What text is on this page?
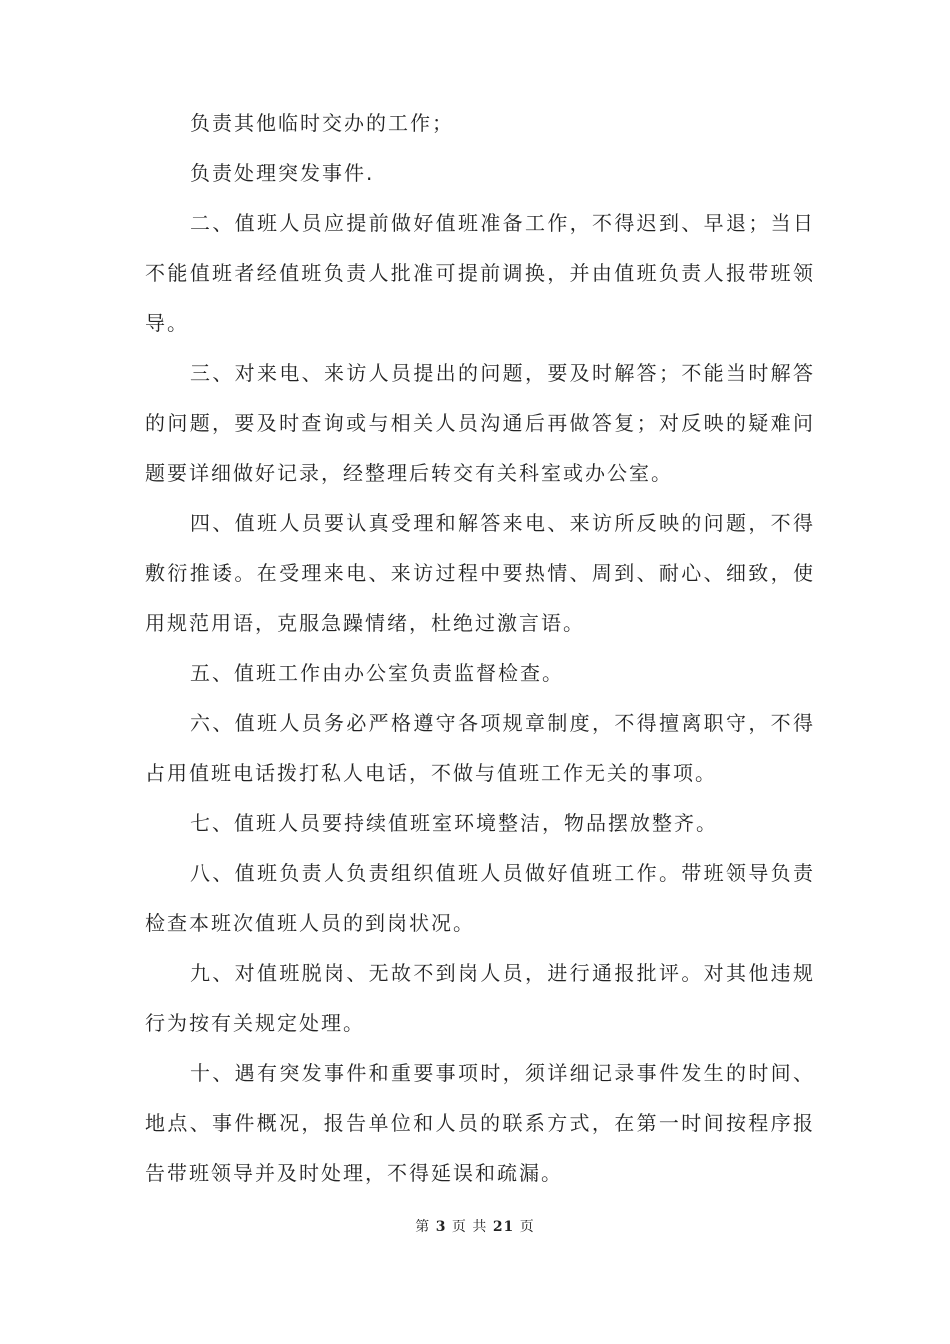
负责其他临时交办的工作；

负责处理突发事件.

二、值班人员应提前做好值班准备工作，不得迟到、早退；当日不能值班者经值班负责人批准可提前调换，并由值班负责人报带班领导。

三、对来电、来访人员提出的问题，要及时解答；不能当时解答的问题，要及时查询或与相关人员沟通后再做答复；对反映的疑难问题要详细做好记录，经整理后转交有关科室或办公室。

四、值班人员要认真受理和解答来电、来访所反映的问题，不得敷衍推诿。在受理来电、来访过程中要热情、周到、耐心、细致，使用规范用语，克服急躁情绪，杜绝过激言语。

五、值班工作由办公室负责监督检查。

六、值班人员务必严格遵守各项规章制度，不得擅离职守，不得占用值班电话拨打私人电话，不做与值班工作无关的事项。

七、值班人员要持续值班室环境整洁，物品摆放整齐。

八、值班负责人负责组织值班人员做好值班工作。带班领导负责检查本班次值班人员的到岗状况。

九、对值班脱岗、无故不到岗人员，进行通报批评。对其他违规行为按有关规定处理。

十、遇有突发事件和重要事项时，须详细记录事件发生的时间、地点、事件概况，报告单位和人员的联系方式，在第一时间按程序报告带班领导并及时处理，不得延误和疏漏。

第 3 页 共 21 页
